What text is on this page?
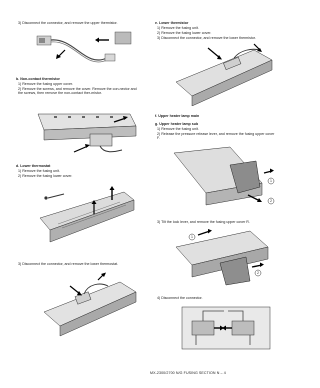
3) Disconnect the connector, and remove the upper thermistor.
b. Non-contact thermistor
1) Remove the fusing upper cover.
2) Remove the screws, and remove the cover. Remove the con-nector and the screws, then remove the non-contact ther-mistor.
d. Lower thermostat
1) Remove the fusing unit.
2) Remove the fusing lower cover.
3) Disconnect the connector, and remove the lower thermostat.
e. Lower thermistor
1) Remove the fusing unit.
2) Remove the fusing lower cover.
3) Disconnect the connector, and remove the lower thermistor.
f. Upper heater lamp main
g. Upper heater lamp sub
1) Remove the fusing unit.
2) Release the pressure release lever, and remove the fusing upper cover F.
1
2
3) Tilt the lock lever, and remove the fusing upper cover R.
1
2
4) Disconnect the connector.
MX-2300/2700 N/G FUSING SECTION N – 4
